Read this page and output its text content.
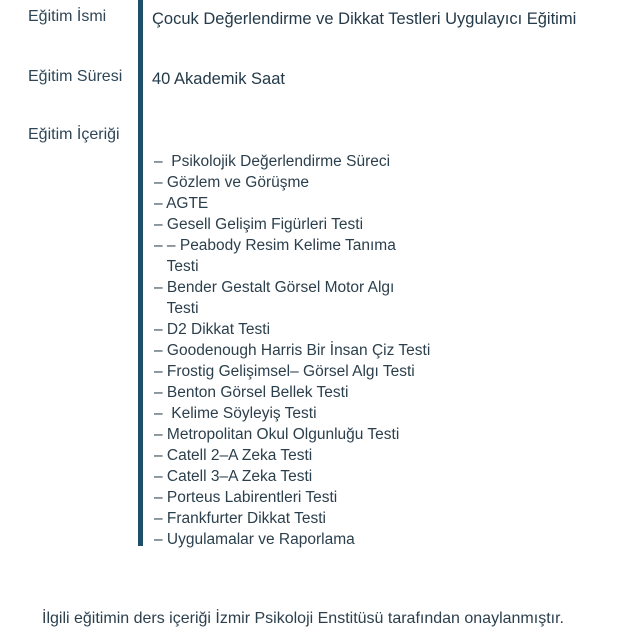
Eğitim İsmi	Çocuk Değerlendirme ve Dikkat Testleri Uygulayıcı Eğitimi
Eğitim Süresi 40 Akademik Saat
Eğitim İçeriği
–  Psikolojik Değerlendirme Süreci
– Gözlem ve Görüşme
– AGTE
– Gesell Gelişim Figürleri Testi
– – Peabody Resim Kelime Tanıma
Testi
– Bender Gestalt Görsel Motor Algı
Testi
– D2 Dikkat Testi
– Goodenough Harris Bir İnsan Çiz Testi
– Frostig Gelişimsel– Görsel Algı Testi
– Benton Görsel Bellek Testi
–  Kelime Söyleyiş Testi
– Metropolitan Okul Olgunluğu Testi
– Catell 2–A Zeka Testi
– Catell 3–A Zeka Testi
– Porteus Labirentleri Testi
– Frankfurter Dikkat Testi
– Uygulamalar ve Raporlama
İlgili eğitimin ders içeriği İzmir Psikoloji Enstitüsü tarafından onaylanmıştır.
